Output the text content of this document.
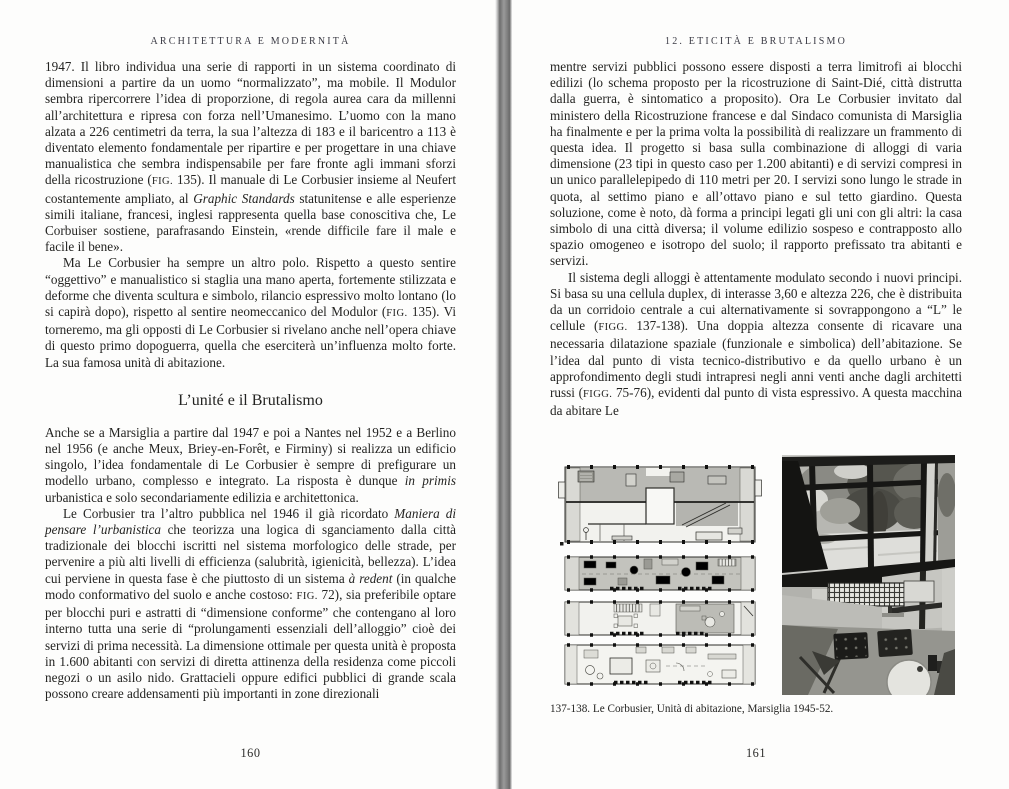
ARCHITETTURA E MODERNITÀ

1947. Il libro individua una serie di rapporti in un sistema coordinato di dimensioni a partire da un uomo “normalizzato”, ma mobile. Il Modulor sembra ripercorrere l’idea di proporzione, di regola aurea cara da millenni all’architettura e ripresa con forza nell’Umanesimo. L’uomo con la mano alzata a 226 centimetri da terra, la sua l’altezza di 183 e il baricentro a 113 è diventato elemento fondamentale per ripartire e per progettare in una chiave manualistica che sembra indispensabile per fare fronte agli immani sforzi della ricostruzione (FIG. 135). Il manuale di Le Corbusier insieme al Neufert costantemente ampliato, al Graphic Standards statunitense e alle esperienze simili italiane, francesi, inglesi rappresenta quella base conoscitiva che, Le Corbuiser sostiene, parafrasando Einstein, «rende difficile fare il male e facile il bene».

Ma Le Corbusier ha sempre un altro polo. Rispetto a questo sentire “oggettivo” e manualistico si staglia una mano aperta, fortemente stilizzata e deforme che diventa scultura e simbolo, rilancio espressivo molto lontano (lo si capirà dopo), rispetto al sentire neomeccanico del Modulor (FIG. 135). Vi torneremo, ma gli opposti di Le Corbusier si rivelano anche nell’opera chiave di questo primo dopoguerra, quella che eserciterà un’influenza molto forte. La sua famosa unità di abitazione.

L’unité e il Brutalismo

Anche se a Marsiglia a partire dal 1947 e poi a Nantes nel 1952 e a Berlino nel 1956 (e anche Meux, Briey-en-Forêt, e Firminy) si realizza un edificio singolo, l’idea fondamentale di Le Corbusier è sempre di prefigurare un modello urbano, complesso e integrato. La risposta è dunque in primis urbanistica e solo secondariamente edilizia e architettonica.

Le Corbusier tra l’altro pubblica nel 1946 il già ricordato Maniera di pensare l’urbanistica che teorizza una logica di sganciamento dalla città tradizionale dei blocchi iscritti nel sistema morfologico delle strade, per pervenire a più alti livelli di efficienza (salubrità, igienicità, bellezza). L’idea cui perviene in questa fase è che piuttosto di un sistema à redent (in qualche modo conformativo del suolo e anche costoso: FIG. 72), sia preferibile optare per blocchi puri e astratti di “dimensione conforme” che contengano al loro interno tutta una serie di “prolungamenti essenziali dell’alloggio” cioè dei servizi di prima necessità. La dimensione ottimale per questa unità è proposta in 1.600 abitanti con servizi di diretta attinenza della residenza come piccoli negozi o un asilo nido. Grattacieli oppure edifici pubblici di grande scala possono creare addensamenti più importanti in zone direzionali

160
12. ETICITÀ E BRUTALISMO

mentre servizi pubblici possono essere disposti a terra limitrofi ai blocchi edilizi (lo schema proposto per la ricostruzione di Saint-Dié, città distrutta dalla guerra, è sintomatico a proposito). Ora Le Corbusier invitato dal ministero della Ricostruzione francese e dal Sindaco comunista di Marsiglia ha finalmente e per la prima volta la possibilità di realizzare un frammento di questa idea. Il progetto si basa sulla combinazione di alloggi di varia dimensione (23 tipi in questo caso per 1.200 abitanti) e di servizi compresi in un unico parallelepipedo di 110 metri per 20. I servizi sono lungo le strade in quota, al settimo piano e all’ottavo piano e sul tetto giardino. Questa soluzione, come è noto, dà forma a principi legati gli uni con gli altri: la casa simbolo di una città diversa; il volume edilizio sospeso e contrapposto allo spazio omogeneo e isotropo del suolo; il rapporto prefissato tra abitanti e servizi.

Il sistema degli alloggi è attentamente modulato secondo i nuovi principi. Si basa su una cellula duplex, di interasse 3,60 e altezza 226, che è distribuita da un corridoio centrale a cui alternativamente si sovrappongono a “L” le cellule (FIGG. 137-138). Una doppia altezza consente di ricavare una necessaria dilatazione spaziale (funzionale e simbolica) dell’abitazione. Se l’idea dal punto di vista tecnico-distributivo e da quello urbano è un approfondimento degli studi intrapresi negli anni venti anche dagli architetti russi (FIGG. 75-76), evidenti dal punto di vista espressivo. A questa macchina da abitare Le

137-138. Le Corbusier, Unità di abitazione, Marsiglia 1945-52.
161
